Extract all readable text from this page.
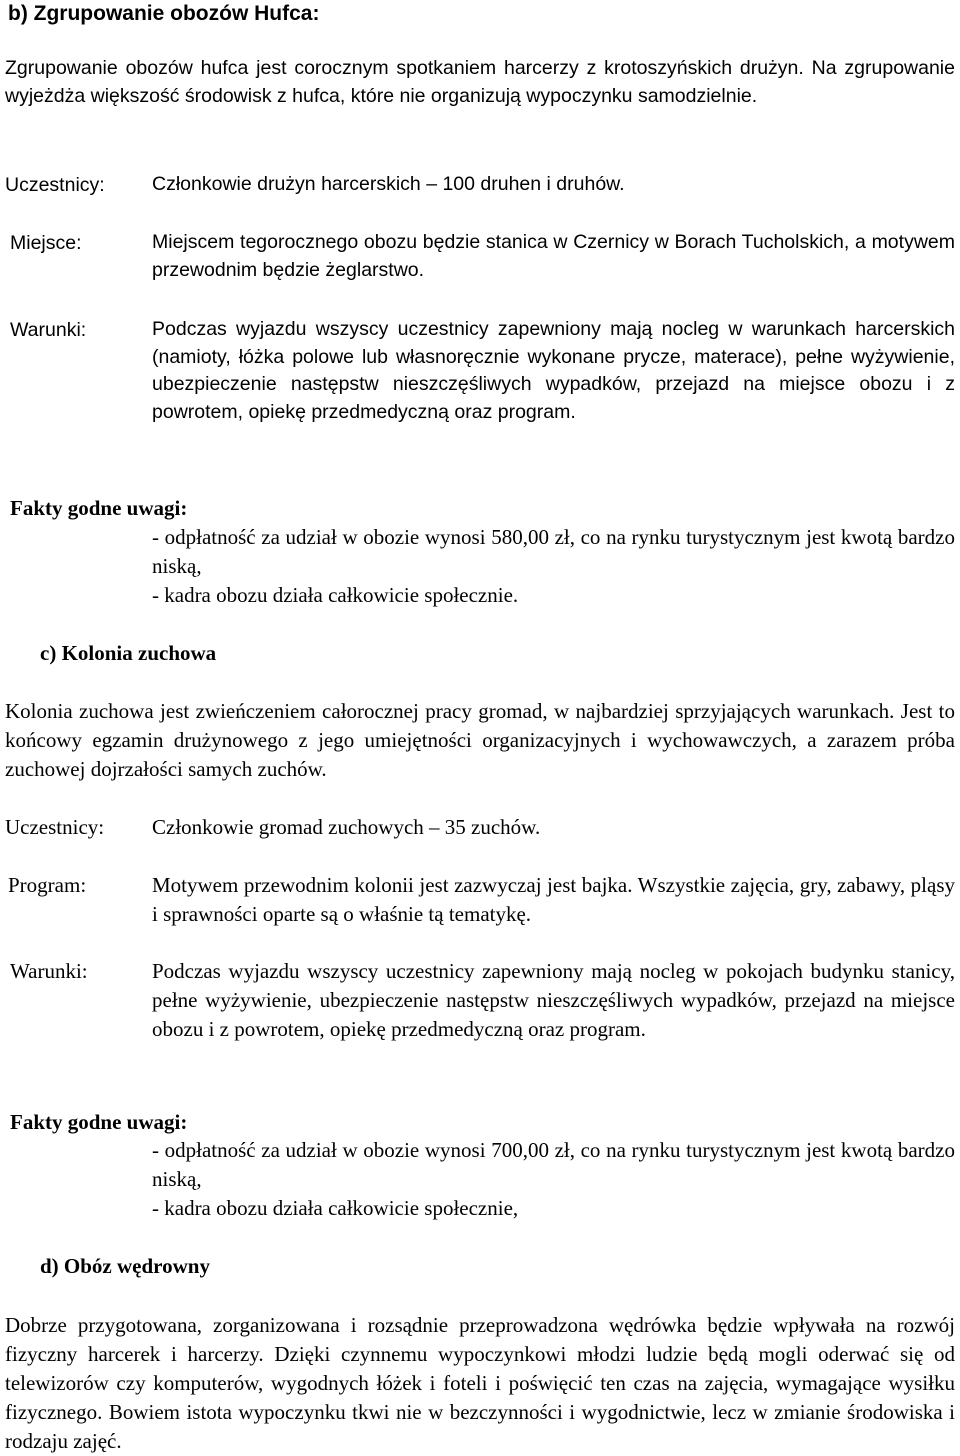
b) Zgrupowanie obozów Hufca:
Zgrupowanie obozów hufca jest corocznym spotkaniem harcerzy z krotoszyńskich drużyn. Na zgrupowanie wyjeżdża większość środowisk z hufca, które nie organizują wypoczynku samodzielnie.
Uczestnicy: Członkowie drużyn harcerskich – 100 druhen i druhów.
Miejsce:	Miejscem tegorocznego obozu będzie stanica w Czernicy w Borach Tucholskich, a motywem przewodnim będzie żeglarstwo.
Warunki:	Podczas wyjazdu wszyscy uczestnicy zapewniony mają nocleg w warunkach harcerskich (namioty, łóżka polowe lub własnoręcznie wykonane prycze, materace), pełne wyżywienie, ubezpieczenie następstw nieszczęśliwych wypadków, przejazd na miejsce obozu i z powrotem, opiekę przedmedyczną oraz program.
Fakty godne uwagi:
- odpłatność za udział w obozie wynosi 580,00 zł, co na rynku turystycznym jest kwotą bardzo niską,
- kadra obozu działa całkowicie społecznie.
c) Kolonia zuchowa
Kolonia zuchowa jest zwieńczeniem całorocznej pracy gromad, w najbardziej sprzyjających warunkach. Jest to końcowy egzamin drużynowego z jego umiejętności organizacyjnych i wychowawczych, a zarazem próba zuchowej dojrzałości samych zuchów.
Uczestnicy: Członkowie gromad zuchowych – 35 zuchów.
Program:	Motywem przewodnim kolonii jest zazwyczaj jest bajka. Wszystkie zajęcia, gry, zabawy, pląsy i sprawności oparte są o właśnie tą tematykę.
Warunki:	Podczas wyjazdu wszyscy uczestnicy zapewniony mają nocleg w pokojach budynku stanicy, pełne wyżywienie, ubezpieczenie następstw nieszczęśliwych wypadków, przejazd na miejsce obozu i z powrotem, opiekę przedmedyczną oraz program.
Fakty godne uwagi:
- odpłatność za udział w obozie wynosi 700,00 zł, co na rynku turystycznym jest kwotą bardzo niską,
- kadra obozu działa całkowicie społecznie,
d) Obóz wędrowny
Dobrze przygotowana, zorganizowana i rozsądnie przeprowadzona wędrówka będzie wpływała na rozwój fizyczny harcerek i harcerzy. Dzięki czynnemu wypoczynkowi młodzi ludzie będą mogli oderwać się od telewizorów czy komputerów, wygodnych łóżek i foteli i poświęcić ten czas na zajęcia, wymagające wysiłku fizycznego. Bowiem istota wypoczynku tkwi nie w bezczynności i wygodnictwie, lecz w zmianie środowiska i rodzaju zajęć.
